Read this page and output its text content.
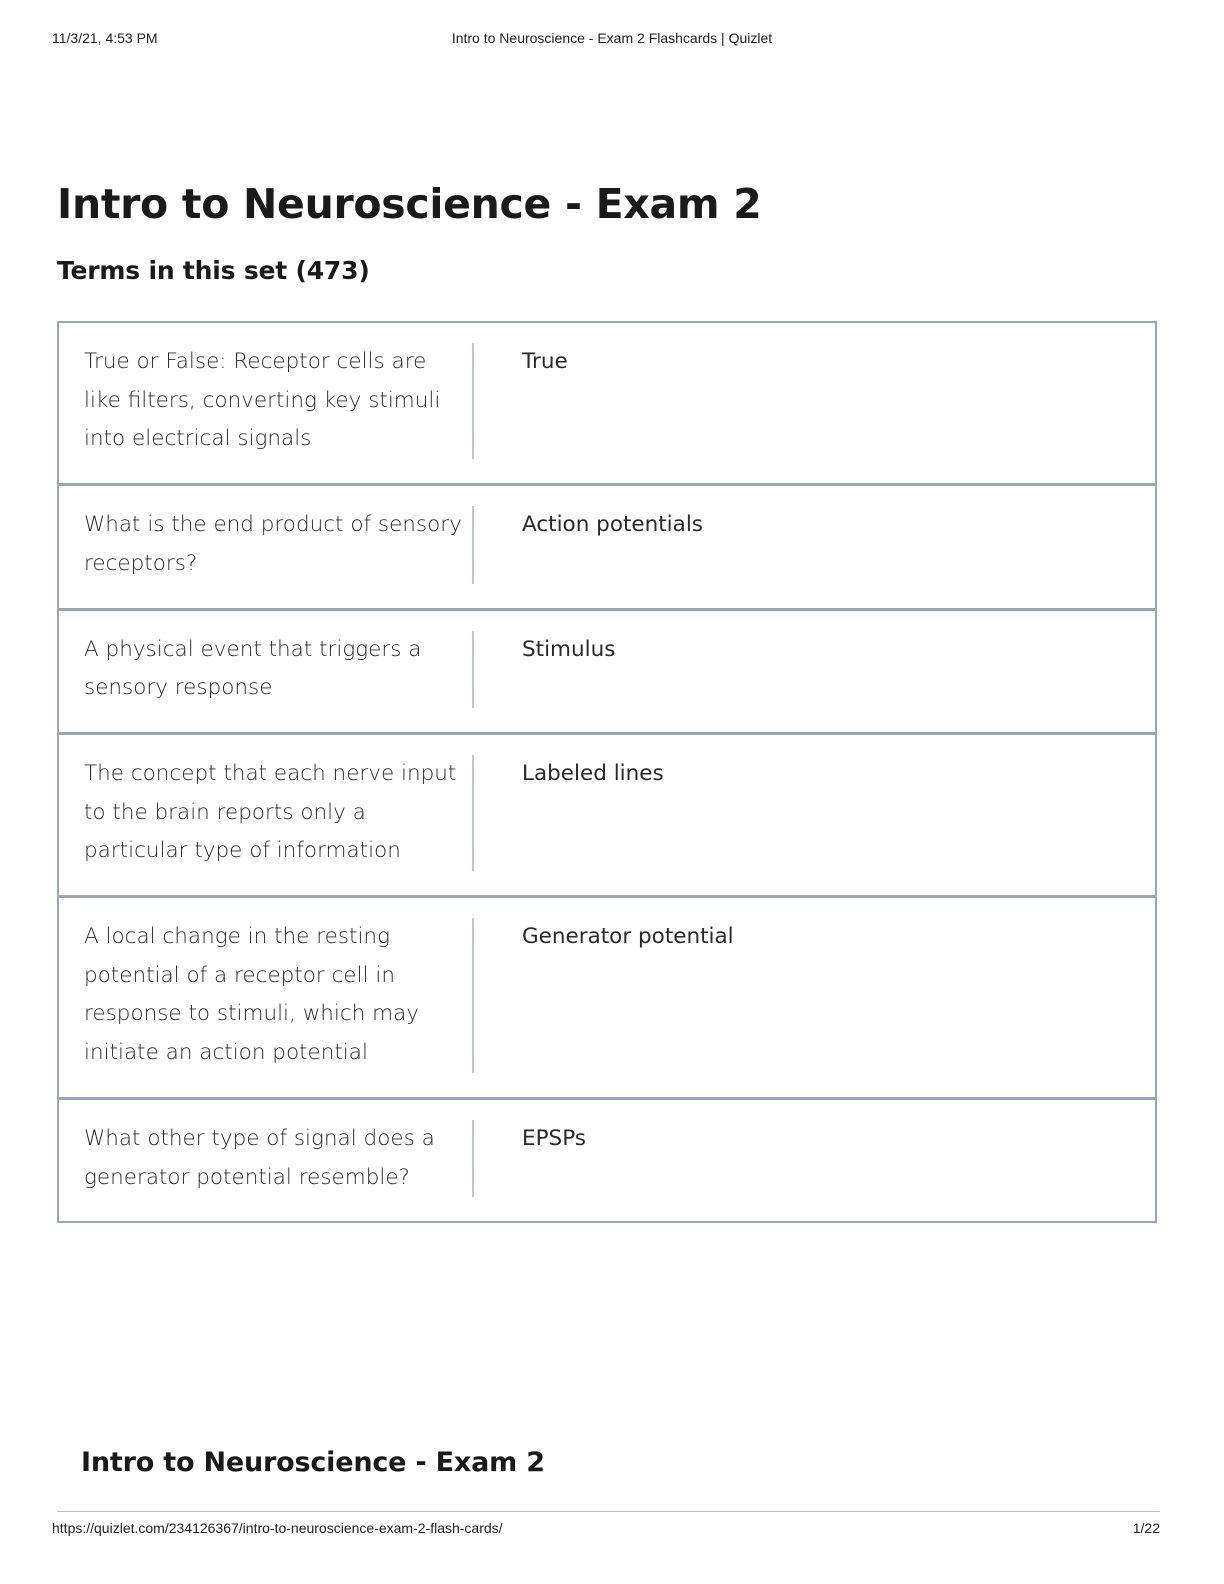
11/3/21, 4:53 PM	Intro to Neuroscience - Exam 2 Flashcards | Quizlet
Intro to Neuroscience - Exam 2
Terms in this set (473)
True or False: Receptor cells are like filters, converting key stimuli into electrical signals
True
What is the end product of sensory receptors?
Action potentials
A physical event that triggers a sensory response
Stimulus
The concept that each nerve input to the brain reports only a particular type of information
Labeled lines
A local change in the resting potential of a receptor cell in response to stimuli, which may initiate an action potential
Generator potential
What other type of signal does a generator potential resemble?
EPSPs
Intro to Neuroscience - Exam 2
https://quizlet.com/234126367/intro-to-neuroscience-exam-2-flash-cards/	1/22
